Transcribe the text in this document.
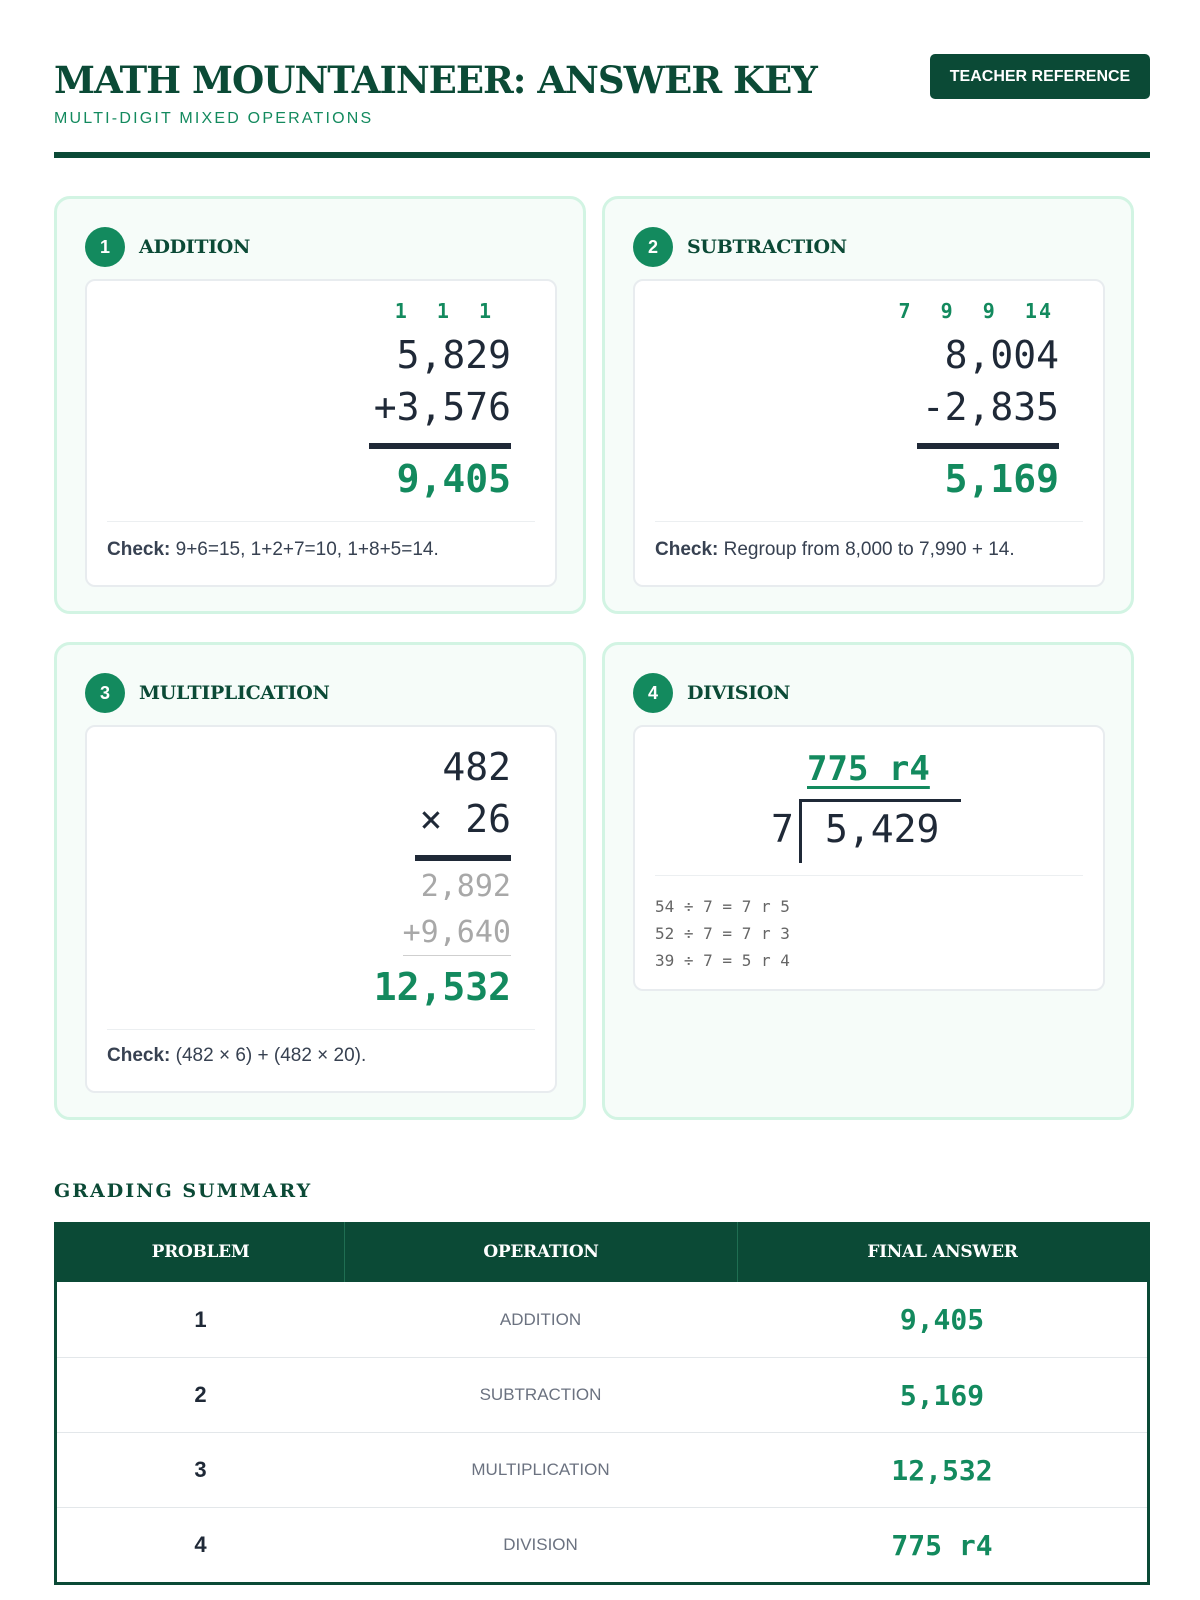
MATH MOUNTAINEER: ANSWER KEY
MULTI-DIGIT MIXED OPERATIONS
TEACHER REFERENCE
1	ADDITION
1  1  1
5,829
+3,576
9,405
Check: 9+6=15, 1+2+7=10, 1+8+5=14.
2	SUBTRACTION
7  9  9  14
8,004
-2,835
5,169
Check: Regroup from 8,000 to 7,990 + 14.
3	MULTIPLICATION
482
× 26
2,892
+9,640
12,532
Check: (482 × 6) + (482 × 20).
4	DIVISION
775 r4
7 5,429
54 ÷ 7 = 7 r 5
52 ÷ 7 = 7 r 3
39 ÷ 7 = 5 r 4
GRADING SUMMARY
PROBLEM	OPERATION	FINAL ANSWER
1	ADDITION	9,405
2	SUBTRACTION	5,169
3	MULTIPLICATION	12,532
4	DIVISION	775 r4
